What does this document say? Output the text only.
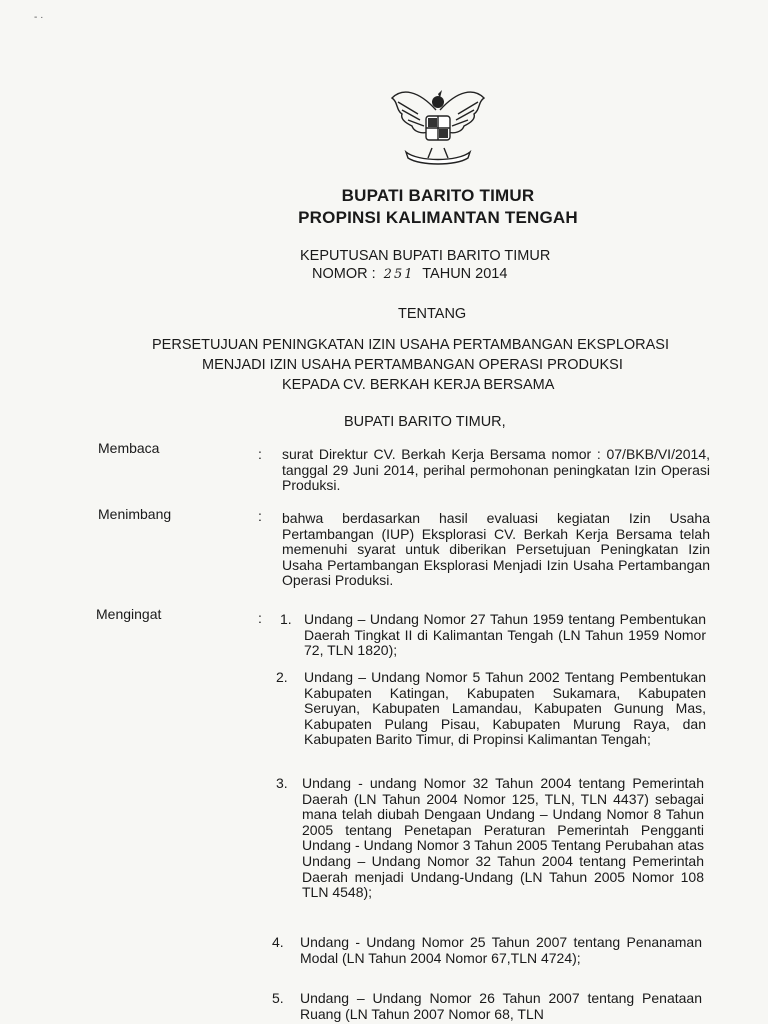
- ·
BUPATI BARITO TIMUR
PROPINSI KALIMANTAN TENGAH
KEPUTUSAN BUPATI BARITO TIMUR
NOMOR : 251 TAHUN 2014
TENTANG
PERSETUJUAN PENINGKATAN IZIN USAHA PERTAMBANGAN EKSPLORASI
MENJADI IZIN USAHA PERTAMBANGAN OPERASI PRODUKSI
KEPADA CV. BERKAH KERJA BERSAMA
BUPATI BARITO TIMUR,
Membaca	: surat Direktur CV. Berkah Kerja Bersama nomor : 07/BKB/VI/2014, tanggal 29 Juni 2014, perihal permohonan peningkatan Izin Operasi Produksi.
Menimbang	: bahwa berdasarkan hasil evaluasi kegiatan Izin Usaha Pertambangan (IUP) Eksplorasi CV. Berkah Kerja Bersama telah memenuhi syarat untuk diberikan Persetujuan Peningkatan Izin Usaha Pertambangan Eksplorasi Menjadi Izin Usaha Pertambangan Operasi Produksi.
Mengingat	: 1. Undang – Undang Nomor 27 Tahun 1959 tentang Pembentukan Daerah Tingkat II di Kalimantan Tengah (LN Tahun 1959 Nomor 72, TLN 1820);
2. Undang – Undang Nomor 5 Tahun 2002 Tentang Pembentukan Kabupaten Katingan, Kabupaten Sukamara, Kabupaten Seruyan, Kabupaten Lamandau, Kabupaten Gunung Mas, Kabupaten Pulang Pisau, Kabupaten Murung Raya, dan Kabupaten Barito Timur, di Propinsi Kalimantan Tengah;
3. Undang - undang Nomor 32 Tahun 2004 tentang Pemerintah Daerah (LN Tahun 2004 Nomor 125, TLN, TLN 4437) sebagai mana telah diubah Dengaan Undang – Undang Nomor 8 Tahun 2005 tentang Penetapan Peraturan Pemerintah Pengganti Undang - Undang Nomor 3 Tahun 2005 Tentang Perubahan atas Undang – Undang Nomor 32 Tahun 2004 tentang Pemerintah Daerah menjadi Undang-Undang (LN Tahun 2005 Nomor 108 TLN 4548);
4. Undang - Undang Nomor 25 Tahun 2007 tentang Penanaman Modal (LN Tahun 2004 Nomor 67,TLN 4724);
5. Undang – Undang Nomor 26 Tahun 2007 tentang Penataan Ruang (LN Tahun 2007 Nomor 68, TLN
